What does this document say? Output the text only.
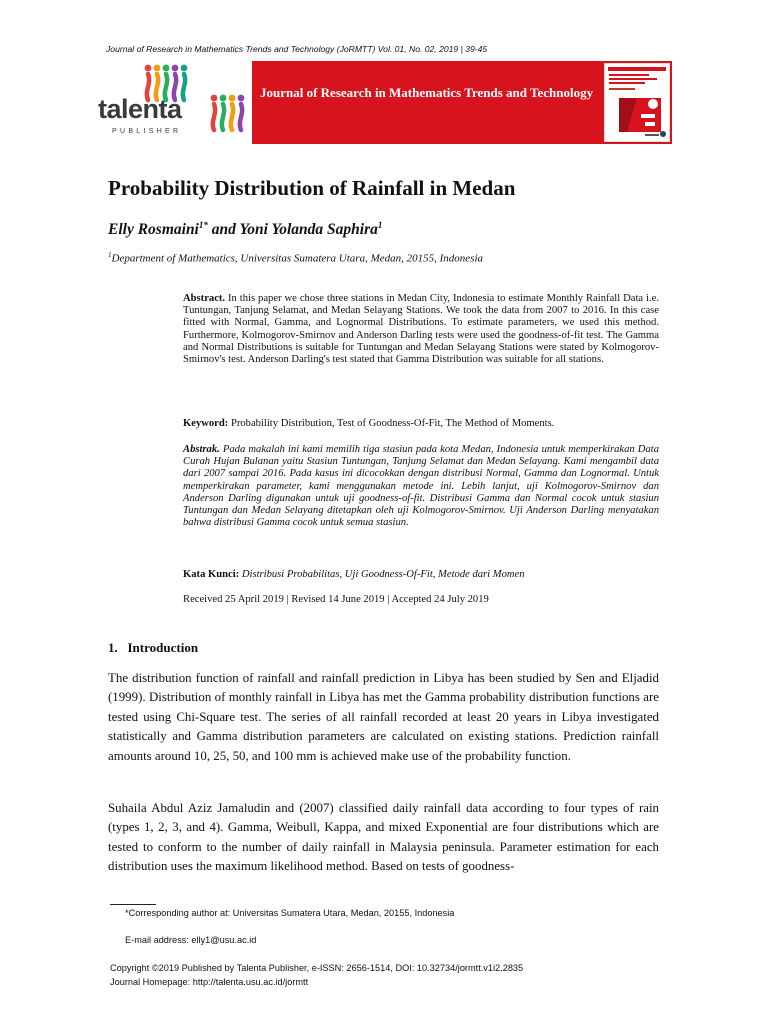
Journal of Research in Mathematics Trends and Technology (JoRMTT) Vol. 01, No. 02, 2019 | 39-45
talenta
PUBLISHER
Journal of Research in Mathematics Trends and Technology
Probability Distribution of Rainfall in Medan
Elly Rosmaini$^{1*}$ and Yoni Yolanda Saphira$^1$
$^1$Department of Mathematics, Universitas Sumatera Utara, Medan, 20155, Indonesia
Abstract. In this paper we chose three stations in Medan City, Indonesia to estimate Monthly Rainfall Data i.e. Tuntungan, Tanjung Selamat, and Medan Selayang Stations. We took the data from 2007 to 2016. In this case fitted with Normal, Gamma, and Lognormal Distributions. To estimate parameters, we used this method. Furthermore, Kolmogorov-Smirnov and Anderson Darling tests were used the goodness-of-fit test. The Gamma and Normal Distributions is suitable for Tuntungan and Medan Selayang Stations were stated by Kolmogorov-Smirnov's test. Anderson Darling's test stated that Gamma Distribution was suitable for all stations.
Keyword: Probability Distribution, Test of Goodness-Of-Fit, The Method of Moments.
Abstrak. Pada makalah ini kami memilih tiga stasiun pada kota Medan, Indonesia untuk memperkirakan Data Curah Hujan Bulanan yaitu Stasiun Tuntungan, Tanjung Selamat dan Medan Selayang. Kami mengambil data dari 2007 sampai 2016. Pada kasus ini dicocokkan dengan distribusi Normal, Gamma dan Lognormal. Untuk memperkirakan parameter, kami menggunakan metode ini. Lebih lanjut, uji Kolmogorov-Smirnov dan Anderson Darling digunakan untuk uji goodness-of-fit. Distribusi Gamma dan Normal cocok untuk stasiun Tuntungan dan Medan Selayang ditetapkan oleh uji Kolmogorov-Smirnov. Uji Anderson Darling menyatakan bahwa distribusi Gamma cocok untuk semua stasiun.
Kata Kunci: Distribusi Probabilitas, Uji Goodness-Of-Fit, Metode dari Momen
Received 25 April 2019 | Revised 14 June 2019 | Accepted 24 July 2019
1. Introduction
The distribution function of rainfall and rainfall prediction in Libya has been studied by Sen and Eljadid (1999). Distribution of monthly rainfall in Libya has met the Gamma probability distribution functions are tested using Chi-Square test. The series of all rainfall recorded at least 20 years in Libya investigated statistically and Gamma distribution parameters are calculated on existing stations. Prediction rainfall amounts around 10, 25, 50, and 100 mm is achieved make use of the probability function.
Suhaila Abdul Aziz Jamaludin and (2007) classified daily rainfall data according to four types of rain (types 1, 2, 3, and 4). Gamma, Weibull, Kappa, and mixed Exponential are four distributions which are tested to conform to the number of daily rainfall in Malaysia peninsula. Parameter estimation for each distribution uses the maximum likelihood method. Based on tests of goodness-
*Corresponding author at: Universitas Sumatera Utara, Medan, 20155, Indonesia
E-mail address: elly1@usu.ac.id
Copyright ©2019 Published by Talenta Publisher, e-ISSN: 2656-1514, DOI: 10.32734/jormtt.v1i2.2835
Journal Homepage: http://talenta.usu.ac.id/jormtt
